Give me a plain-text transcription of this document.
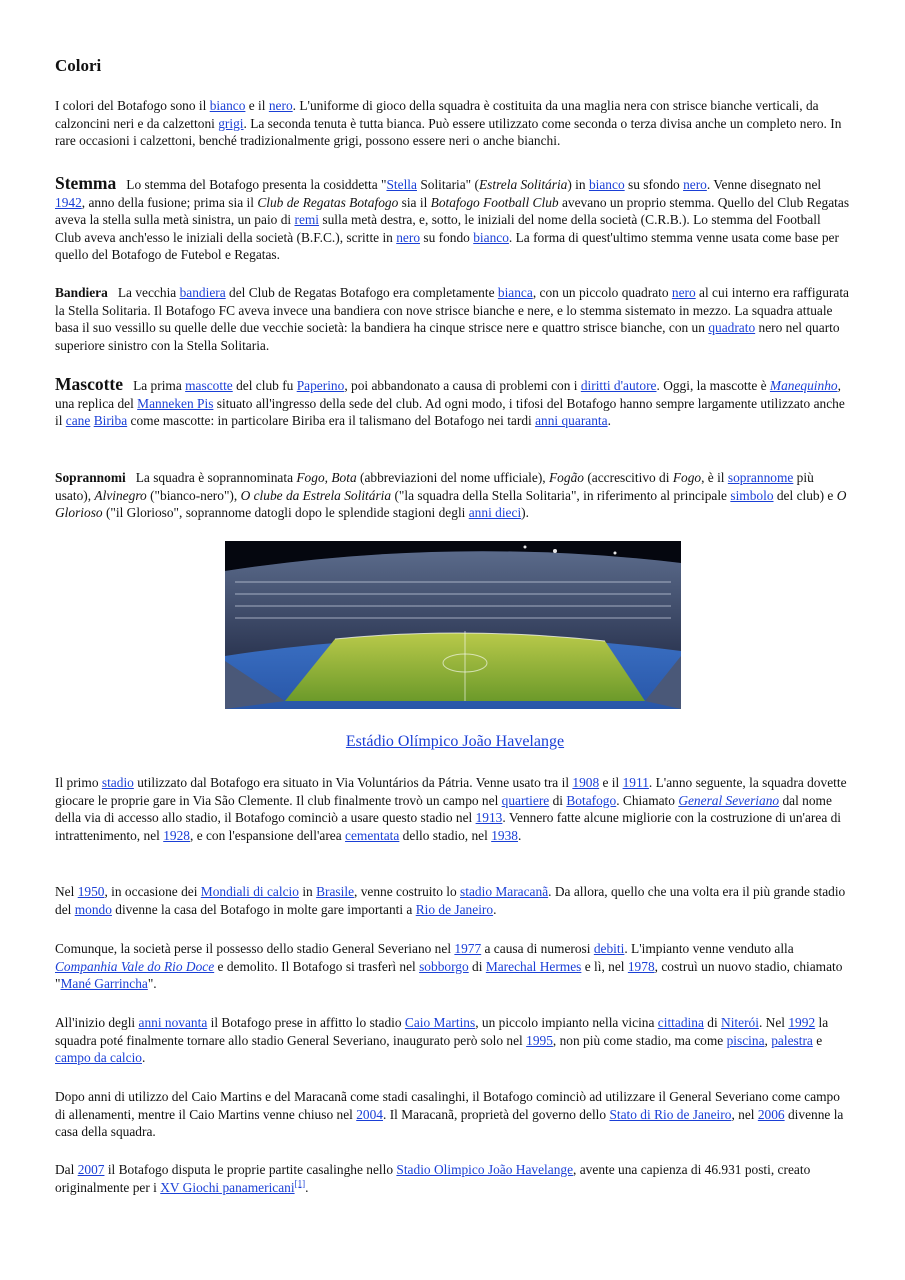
Colori

I colori del Botafogo sono il bianco e il nero. L'uniforme di gioco della squadra è costituita da una maglia nera con strisce bianche verticali, da calzoncini neri e da calzettoni grigi. La seconda tenuta è tutta bianca. Può essere utilizzato come seconda o terza divisa anche un completo nero. In rare occasioni i calzettoni, benché tradizionalmente grigi, possono essere neri o anche bianchi.

Stemma   Lo stemma del Botafogo presenta la cosiddetta "Stella Solitaria" (Estrela Solitária) in bianco su sfondo nero. Venne disegnato nel 1942, anno della fusione; prima sia il Club de Regatas Botafogo sia il Botafogo Football Club avevano un proprio stemma. Quello del Club Regatas aveva la stella sulla metà sinistra, un paio di remi sulla metà destra, e, sotto, le iniziali del nome della società (C.R.B.). Lo stemma del Football Club aveva anch'esso le iniziali della società (B.F.C.), scritte in nero su fondo bianco. La forma di quest'ultimo stemma venne usata come base per quello del Botafogo de Futebol e Regatas.

Bandiera   La vecchia bandiera del Club de Regatas Botafogo era completamente bianca, con un piccolo quadrato nero al cui interno era raffigurata la Stella Solitaria. Il Botafogo FC aveva invece una bandiera con nove strisce bianche e nere, e lo stemma sistemato in mezzo. La squadra attuale basa il suo vessillo su quelle delle due vecchie società: la bandiera ha cinque strisce nere e quattro strisce bianche, con un quadrato nero nel quarto superiore sinistro con la Stella Solitaria.

Mascotte   La prima mascotte del club fu Paperino, poi abbandonato a causa di problemi con i diritti d'autore. Oggi, la mascotte è Manequinho, una replica del Manneken Pis situato all'ingresso della sede del club. Ad ogni modo, i tifosi del Botafogo hanno sempre largamente utilizzato anche il cane Biriba come mascotte: in particolare Biriba era il talismano del Botafogo nei tardi anni quaranta.

Soprannomi   La squadra è soprannominata Fogo, Bota (abbreviazioni del nome ufficiale), Fogão (accrescitivo di Fogo, è il soprannome più usato), Alvinegro ("bianco-nero"), O clube da Estrela Solitária ("la squadra della Stella Solitaria", in riferimento al principale simbolo del club) e O Glorioso ("il Glorioso", soprannome datogli dopo le splendide stagioni degli anni dieci).

Estádio Olímpico João Havelange

Il primo stadio utilizzato dal Botafogo era situato in Via Voluntários da Pátria. Venne usato tra il 1908 e il 1911. L'anno seguente, la squadra dovette giocare le proprie gare in Via São Clemente. Il club finalmente trovò un campo nel quartiere di Botafogo. Chiamato General Severiano dal nome della via di accesso allo stadio, il Botafogo cominciò a usare questo stadio nel 1913. Vennero fatte alcune migliorie con la costruzione di un'area di intrattenimento, nel 1928, e con l'espansione dell'area cementata dello stadio, nel 1938.

Nel 1950, in occasione dei Mondiali di calcio in Brasile, venne costruito lo stadio Maracanã. Da allora, quello che una volta era il più grande stadio del mondo divenne la casa del Botafogo in molte gare importanti a Rio de Janeiro.

Comunque, la società perse il possesso dello stadio General Severiano nel 1977 a causa di numerosi debiti. L'impianto venne venduto alla Companhia Vale do Rio Doce e demolito. Il Botafogo si trasferì nel sobborgo di Marechal Hermes e lì, nel 1978, costruì un nuovo stadio, chiamato "Mané Garrincha".

All'inizio degli anni novanta il Botafogo prese in affitto lo stadio Caio Martins, un piccolo impianto nella vicina cittadina di Niterói. Nel 1992 la squadra poté finalmente tornare allo stadio General Severiano, inaugurato però solo nel 1995, non più come stadio, ma come piscina, palestra e campo da calcio.

Dopo anni di utilizzo del Caio Martins e del Maracanã come stadi casalinghi, il Botafogo cominciò ad utilizzare il General Severiano come campo di allenamenti, mentre il Caio Martins venne chiuso nel 2004. Il Maracanã, proprietà del governo dello Stato di Rio de Janeiro, nel 2006 divenne la casa della squadra.

Dal 2007 il Botafogo disputa le proprie partite casalinghe nello Stadio Olimpico João Havelange, avente una capienza di 46.931 posti, creato originalmente per i XV Giochi panamericani[1].
